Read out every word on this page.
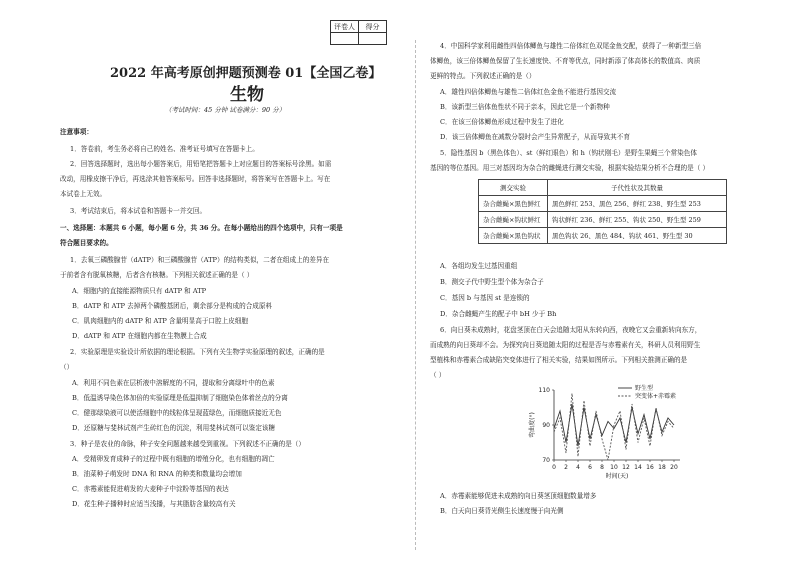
评卷人	得分

2022 年高考原创押题预测卷 01【全国乙卷】
生物
（考试时间：45 分钟 试卷满分：90 分）
注意事项：
1．答卷前，考生务必将自己的姓名、准考证号填写在答题卡上。
2．回答选择题时，选出每小题答案后，用铅笔把答题卡上对应题目的答案标号涂黑。如需
改动，用橡皮擦干净后，再选涂其他答案标号。回答非选择题时，将答案写在答题卡上。写在
本试卷上无效。
3．考试结束后，将本试卷和答题卡一并交回。
一、选择题：本题共 6 小题，每小题 6 分，共 36 分。在每小题给出的四个选项中，只有一项是
符合题目要求的。
1．去氧三磷酸腺苷（dATP）和三磷酸腺苷（ATP）的结构类似，二者在组成上的差异在
于前者含有脱氧核糖，后者含有核糖。下列相关叙述正确的是（ ）
A．细胞内的直接能源物质只有 dATP 和 ATP
B．dATP 和 ATP 去掉两个磷酸基团后，剩余部分是构成的合成原料
C．肌肉细胞内的 dATP 和 ATP 含量明显高于口腔上皮细胞
D．dATP 和 ATP 在细胞内都在生物膜上合成
2．实验原理是实验设计所依据的理论根据。下列有关生物学实验原理的叙述，正确的是
（）
A．利用不同色素在层析液中溶解度的不同，提取和分离绿叶中的色素
B．低温诱导染色体加倍的实验原理是低温抑制了细胞染色体着丝点的分离
C．健那绿染液可以使活细胞中的线粒体呈现蓝绿色，而细胞质接近无色
D．还原糖与斐林试剂产生砖红色的沉淀，利用斐林试剂可以鉴定该糖
3．种子是农业的命脉，种子安全问题越来越受到重视。下列叙述不正确的是（）
A．受精卵发育成种子的过程中既有细胞的增殖分化，也有细胞的凋亡
B．油菜种子萌发时 DNA 和 RNA 的种类和数量均会增加
C．赤霉素能促进萌发的大麦种子中淀粉等基因的表达
D．花生种子播种时应适当浅播，与其脂肪含量较高有关
4．中国科学家利用雌性四倍体鲫鱼与雄性二倍体红色双尾金鱼交配，获得了一种新型三倍
体鲫鱼，该三倍体鲫鱼保留了生长速度快、不育等优点，同时新添了体高体长的数值高、肉质
更鲜的特点。下列叙述正确的是（）
A．雄性四倍体鲫鱼与雄性二倍体红色金鱼不能进行基因交流
B．该新型三倍体鱼性状不同于亲本，因此它是一个新物种
C．在该三倍体鲫鱼形成过程中发生了进化
D．该三倍体鲫鱼在减数分裂时会产生异常配子，从而导致其不育
5．隐性基因 b（黑色体色）、st（鲜红眼色）和 h（钩状刚毛）是野生果蝇三个常染色体
基因的等位基因。用三对基因均为杂合的雌蝇进行测交实验，根据实验结果分析不合理的是（ ）
测交实验	子代性状及其数量
杂合雌蝇×黑色鲜红	黑色鲜红 253、黑色 256、鲜红 238、野生型 253
杂合雌蝇×钩状鲜红	钩状鲜红 236、鲜红 255、钩状 250、野生型 259
杂合雌蝇×黑色钩状	黑色钩状 26、黑色 484、钩状 461、野生型 30
A．各组均发生过基因重组
B．测交子代中野生型个体为杂合子
C．基因 b 与基因 st 是连锁的
D．杂合雌蝇产生的配子中 bH 少于 Bh
6．向日葵未成熟时，花盘茎顶在白天会追随太阳从东转向西，夜晚它又会重新转向东方，
而成熟的向日葵却不会。为探究向日葵追随太阳的过程是否与赤霉素有关，科研人员利用野生
型植株和赤霉素合成缺陷突变体进行了相关实验，结果如图所示。下列相关推测正确的是
（ ）
70
90
110
0 2 4 6 8 10 12 14 16 18 20
时间(天)
弯曲度(°)
野生型
突变体+赤霉素
A．赤霉素能够促进未成熟的向日葵茎顶细胞数量增多
B．白天向日葵背光侧生长速度慢于向光侧
